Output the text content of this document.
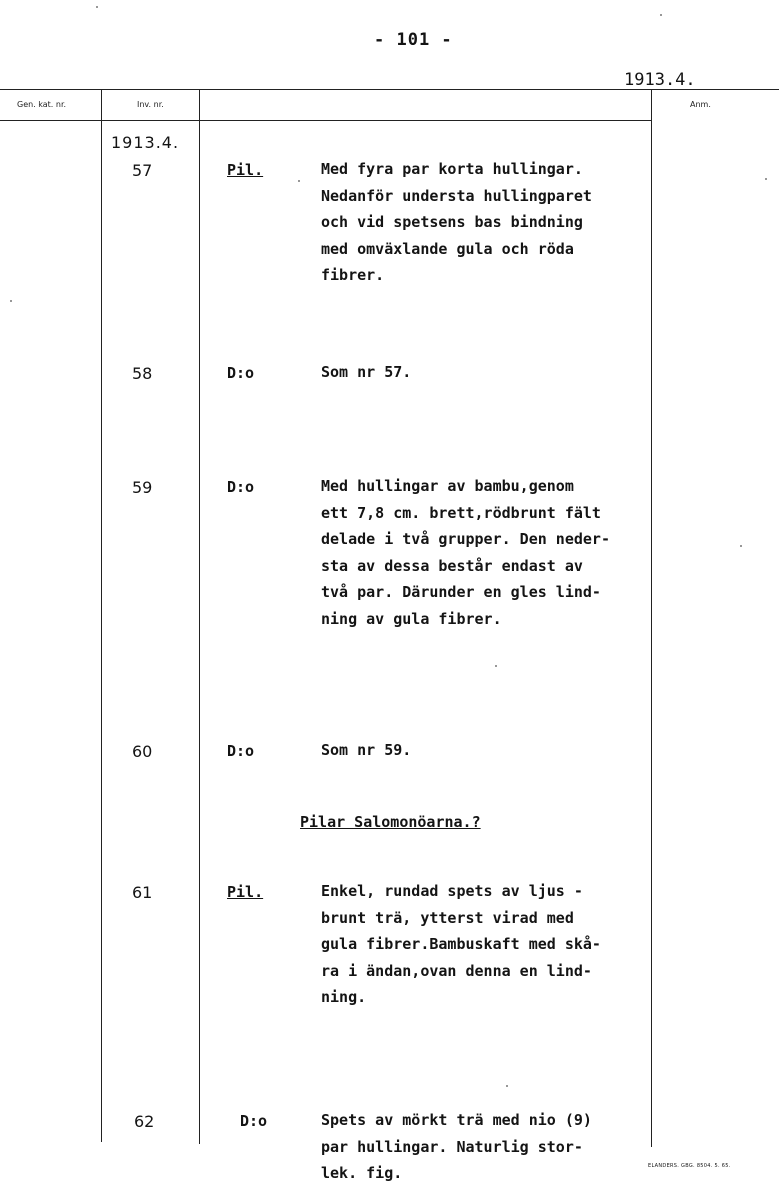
- 101 -
1913.4.
Gen. kat. nr.	Inv. nr.	Anm.
1913.4.
57	Pil.	Med fyra par korta hullingar.
Nedanför understa hullingparet
och vid spetsens bas bindning
med omväxlande gula och röda
fibrer.
58	D:o	Som nr 57.
59	D:o	Med hullingar av bambu,genom
ett 7,8 cm. brett,rödbrunt fält
delade i två grupper. Den neder-
sta av dessa består endast av
två par. Därunder en gles lind-
ning av gula fibrer.
60	D:o	Som nr 59.
Pilar Salomonöarna.?
61	Pil.	Enkel, rundad spets av ljus -
brunt trä, ytterst virad med
gula fibrer.Bambuskaft med skå-
ra i ändan,ovan denna en lind-
ning.
62	D:o	Spets av mörkt trä med nio (9)
par hullingar. Naturlig stor-
lek. fig.	ELANDERS. GBG. 8504. 5. 65.
